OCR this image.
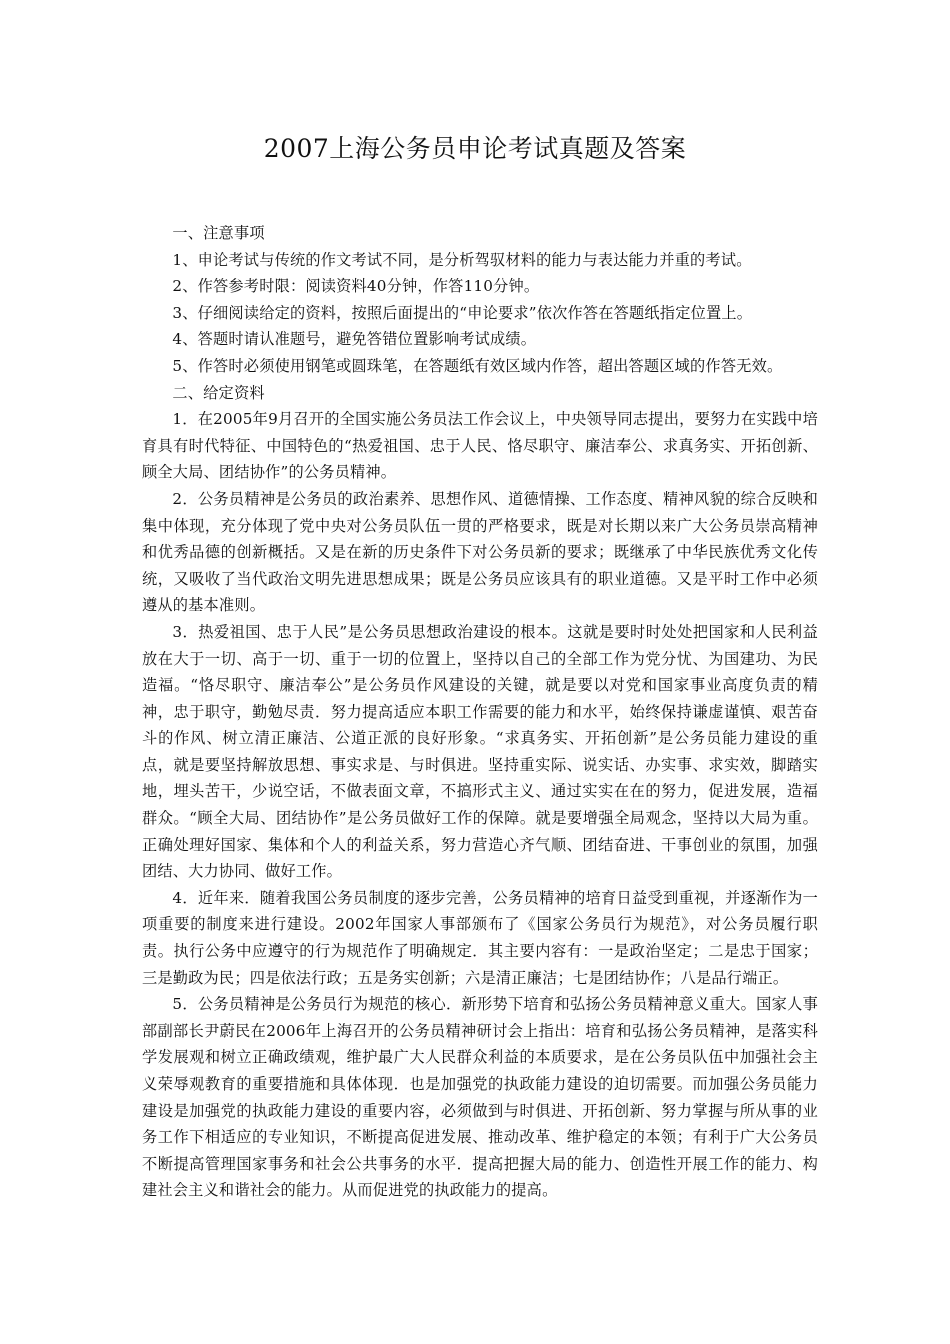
2007上海公务员申论考试真题及答案

一、注意事项

1、申论考试与传统的作文考试不同，是分析驾驭材料的能力与表达能力并重的考试。

2、作答参考时限：阅读资料40分钟，作答110分钟。

3、仔细阅读给定的资料，按照后面提出的“申论要求”依次作答在答题纸指定位置上。

4、答题时请认准题号，避免答错位置影响考试成绩。

5、作答时必须使用钢笔或圆珠笔，在答题纸有效区域内作答，超出答题区域的作答无效。

二、给定资料

1．在2005年9月召开的全国实施公务员法工作会议上，中央领导同志提出，要努力在实践中培育具有时代特征、中国特色的“热爱祖国、忠于人民、恪尽职守、廉洁奉公、求真务实、开拓创新、顾全大局、团结协作”的公务员精神。

2．公务员精神是公务员的政治素养、思想作风、道德情操、工作态度、精神风貌的综合反映和集中体现，充分体现了党中央对公务员队伍一贯的严格要求，既是对长期以来广大公务员崇高精神和优秀品德的创新概括。又是在新的历史条件下对公务员新的要求；既继承了中华民族优秀文化传统，又吸收了当代政治文明先进思想成果；既是公务员应该具有的职业道德。又是平时工作中必须遵从的基本准则。

3．热爱祖国、忠于人民”是公务员思想政治建设的根本。这就是要时时处处把国家和人民利益放在大于一切、高于一切、重于一切的位置上，坚持以自己的全部工作为党分忧、为国建功、为民造福。“恪尽职守、廉洁奉公”是公务员作风建设的关键，就是要以对党和国家事业高度负责的精神，忠于职守，勤勉尽责．努力提高适应本职工作需要的能力和水平，始终保持谦虚谨慎、艰苦奋斗的作风、树立清正廉洁、公道正派的良好形象。“求真务实、开拓创新”是公务员能力建设的重点，就是要坚持解放思想、事实求是、与时俱进。坚持重实际、说实话、办实事、求实效，脚踏实地，埋头苦干，少说空话，不做表面文章，不搞形式主义、通过实实在在的努力，促进发展，造福群众。“顾全大局、团结协作”是公务员做好工作的保障。就是要增强全局观念，坚持以大局为重。正确处理好国家、集体和个人的利益关系，努力营造心齐气顺、团结奋进、干事创业的氛围，加强团结、大力协同、做好工作。

4．近年来．随着我国公务员制度的逐步完善，公务员精神的培育日益受到重视，并逐渐作为一项重要的制度来进行建设。2002年国家人事部颁布了《国家公务员行为规范》，对公务员履行职责。执行公务中应遵守的行为规范作了明确规定．其主要内容有：一是政治坚定；二是忠于国家；三是勤政为民；四是依法行政；五是务实创新；六是清正廉洁；七是团结协作；八是品行端正。

5．公务员精神是公务员行为规范的核心．新形势下培育和弘扬公务员精神意义重大。国家人事部副部长尹蔚民在2006年上海召开的公务员精神研讨会上指出：培育和弘扬公务员精神，是落实科学发展观和树立正确政绩观，维护最广大人民群众利益的本质要求，是在公务员队伍中加强社会主义荣辱观教育的重要措施和具体体现．也是加强党的执政能力建设的迫切需要。而加强公务员能力建设是加强党的执政能力建设的重要内容，必须做到与时俱进、开拓创新、努力掌握与所从事的业务工作下相适应的专业知识，不断提高促进发展、推动改革、维护稳定的本领；有利于广大公务员不断提高管理国家事务和社会公共事务的水平．提高把握大局的能力、创造性开展工作的能力、构建社会主义和谐社会的能力。从而促进党的执政能力的提高。
